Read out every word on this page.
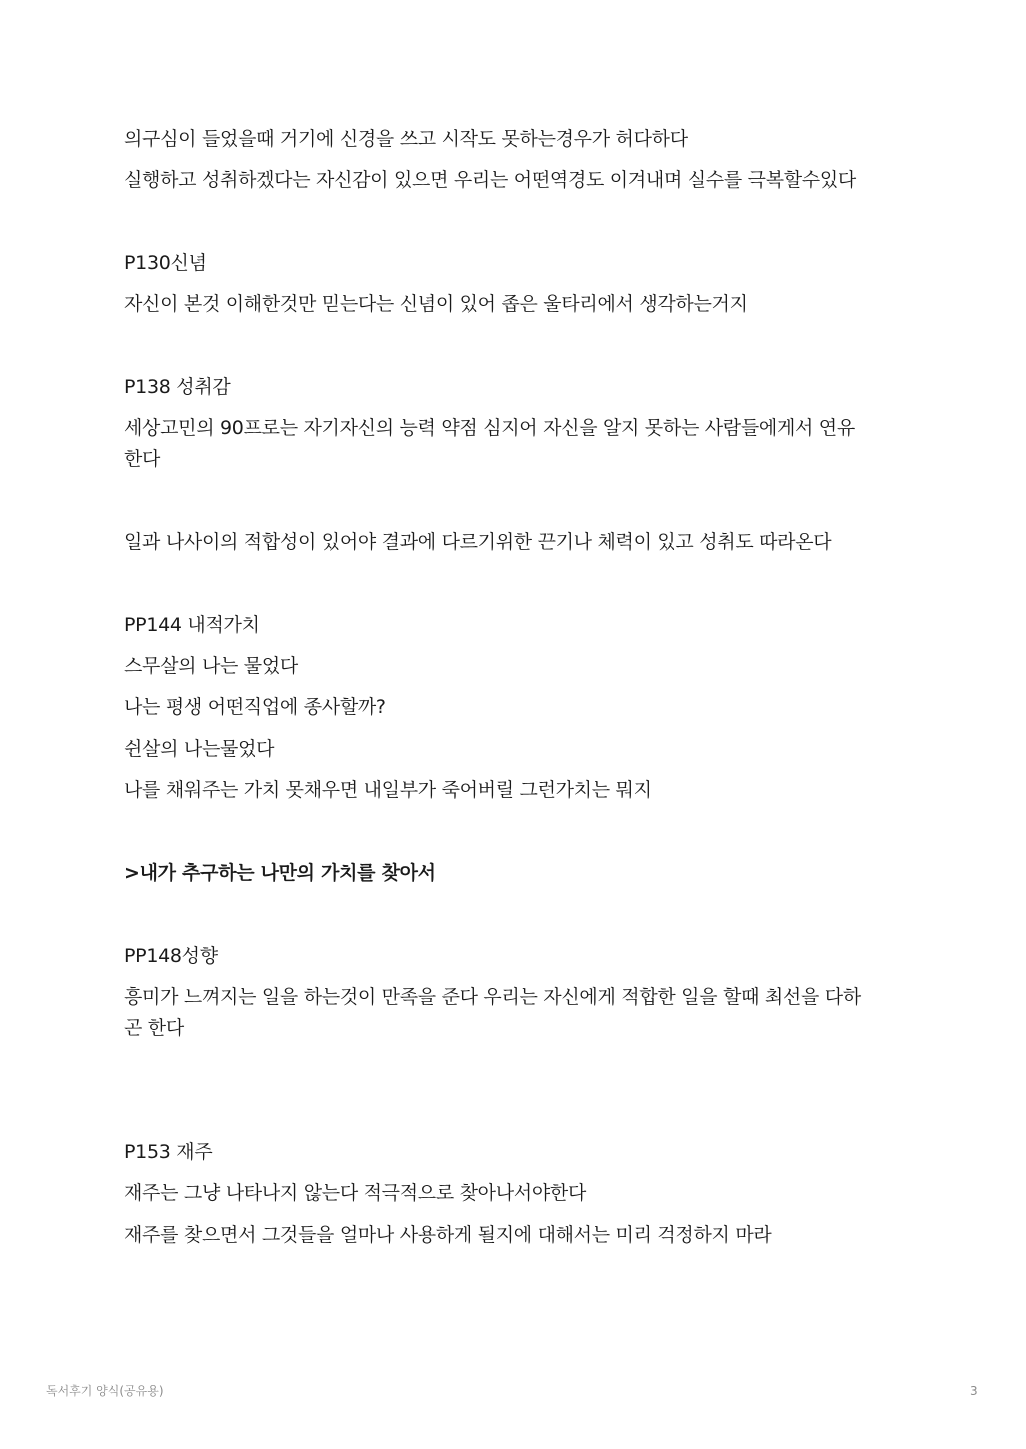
의구심이 들었을때 거기에 신경을 쓰고 시작도 못하는경우가 허다하다
실행하고 성취하겠다는 자신감이 있으면 우리는 어떤역경도 이겨내며 실수를 극복할수있다
P130신념
자신이 본것 이해한것만 믿는다는 신념이 있어 좁은 울타리에서 생각하는거지
P138 성취감
세상고민의 90프로는 자기자신의 능력 약점 심지어 자신을 알지 못하는 사람들에게서 연유
한다
일과 나사이의 적합성이 있어야 결과에 다르기위한 끈기나 체력이 있고 성취도 따라온다
PP144 내적가치
스무살의 나는 물었다
나는 평생 어떤직업에 종사할까?
쉰살의 나는물었다
나를 채워주는 가치 못채우면 내일부가 죽어버릴 그런가치는 뭐지
>내가 추구하는 나만의 가치를 찾아서
PP148성향
흥미가 느껴지는 일을 하는것이 만족을 준다 우리는 자신에게 적합한 일을 할때 최선을 다하
곤 한다
P153 재주
재주는 그냥 나타나지 않는다 적극적으로 찾아나서야한다
재주를 찾으면서 그것들을 얼마나 사용하게 될지에 대해서는 미리 걱정하지 마라
독서후기 양식(공유용)	3
